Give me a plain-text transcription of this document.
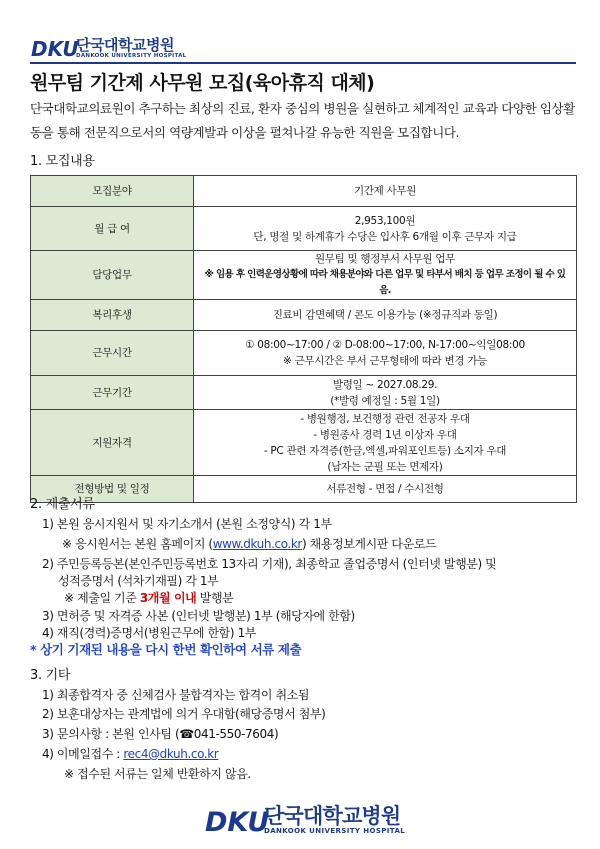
DKU
단국대학교병원
DANKOOK UNIVERSITY HOSPITAL
원무팀 기간제 사무원 모집(육아휴직 대체)
단국대학교의료원이 추구하는 최상의 진료, 환자 중심의 병원을 실현하고 체계적인 교육과 다양한 임상활동을 통해 전문직으로서의 역량계발과 이상을 펼쳐나갈 유능한 직원을 모집합니다.
1. 모집내용
모집분야	기간제 사무원

월 급 여	2,953,100원
단, 명절 및 하계휴가 수당은 입사후 6개월 이후 근무자 지급

담당업무	원무팀 및 행정부서 사무원 업무
※ 임용 후 인력운영상황에 따라 채용분야와 다른 업무 및 타부서 배치 등 업무 조정이 될 수 있음.

복리후생	진료비 감면혜택 / 콘도 이용가능 (※정규직과 동일)

근무시간	① 08:00~17:00 / ② D-08:00~17:00, N-17:00~익일08:00
※ 근무시간은 부서 근무형태에 따라 변경 가능

근무기간	발령일 ~ 2027.08.29.
(*발령 예정일 : 5월 1일)

지원자격	- 병원행정, 보건행정 관련 전공자 우대
- 병원종사 경력 1년 이상자 우대
- PC 관련 자격증(한글,엑셀,파워포인트등) 소지자 우대
(남자는 군필 또는 면제자)

전형방법 및 일정	서류전형 - 면접 / 수시전형
2. 제출서류
1) 본원 응시지원서 및 자기소개서 (본원 소정양식) 각 1부
※ 응시원서는 본원 홈페이지 (www.dkuh.co.kr) 채용정보게시판 다운로드
2) 주민등록등본(본인주민등록번호 13자리 기재), 최종학교 졸업증명서 (인터넷 발행분) 및
성적증명서 (석차기재필) 각 1부
※ 제출일 기준 3개월 이내 발행분
3) 면허증 및 자격증 사본 (인터넷 발행분) 1부 (해당자에 한함)
4) 재직(경력)증명서(병원근무에 한함) 1부
* 상기 기재된 내용을 다시 한번 확인하여 서류 제출
3. 기타
1) 최종합격자 중 신체검사 불합격자는 합격이 취소됨
2) 보훈대상자는 관계법에 의거 우대함(해당증명서 첨부)
3) 문의사항 : 본원 인사팀 (☎041-550-7604)
4) 이메일접수 : rec4@dkuh.co.kr
※ 접수된 서류는 일체 반환하지 않음.
DKU
단국대학교병원
DANKOOK UNIVERSITY HOSPITAL
